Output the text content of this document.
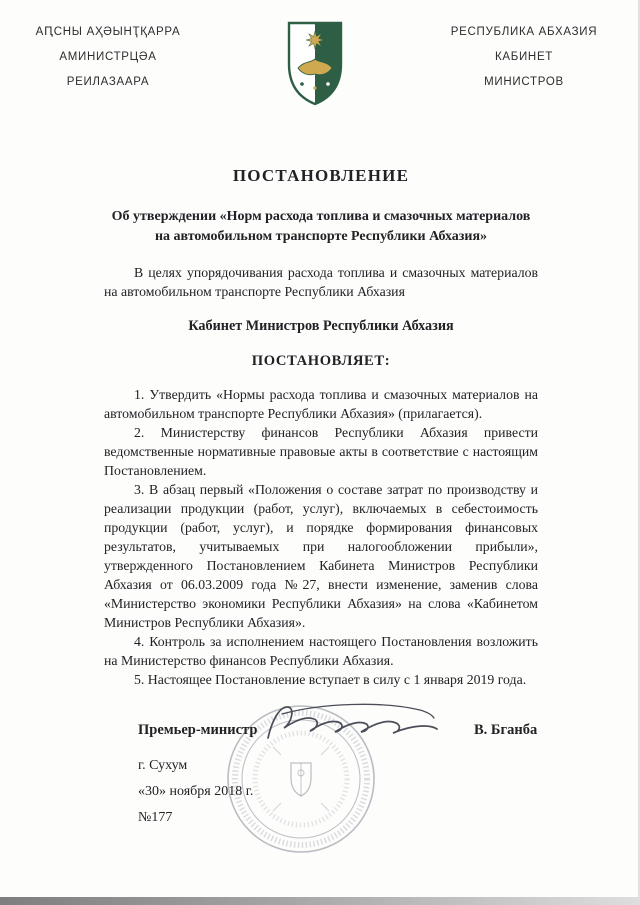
АԤСНЫ АҲӘЫНҬҚАРРА
АМИНИСТРЦӘА
РЕИЛАЗААРА
РЕСПУБЛИКА АБХАЗИЯ
КАБИНЕТ
МИНИСТРОВ

ПОСТАНОВЛЕНИЕ

Об утверждении «Норм расхода топлива и смазочных материалов

на автомобильном транспорте Республики Абхазия»

В целях упорядочивания расхода топлива и смазочных материалов на автомобильном транспорте Республики Абхазия

Кабинет Министров Республики Абхазия

ПОСТАНОВЛЯЕТ:

1. Утвердить «Нормы расхода топлива и смазочных материалов на автомобильном транспорте Республики Абхазия» (прилагается).

2. Министерству финансов Республики Абхазия привести ведомственные нормативные правовые акты в соответствие с настоящим Постановлением.

3. В абзац первый «Положения о составе затрат по производству и реализации продукции (работ, услуг), включаемых в себестоимость продукции (работ, услуг), и порядке формирования финансовых результатов, учитываемых при налогообложении прибыли», утвержденного Постановлением Кабинета Министров Республики Абхазия от 06.03.2009 года №27, внести изменение, заменив слова «Министерство экономики Республики Абхазия» на слова «Кабинетом Министров Республики Абхазия».

4. Контроль за исполнением настоящего Постановления возложить на Министерство финансов Республики Абхазия.

5. Настоящее Постановление вступает в силу с 1 января 2019 года.

Премьер-министр	В. Бганба
г. Сухум
«30» ноября 2018 г.
№177
